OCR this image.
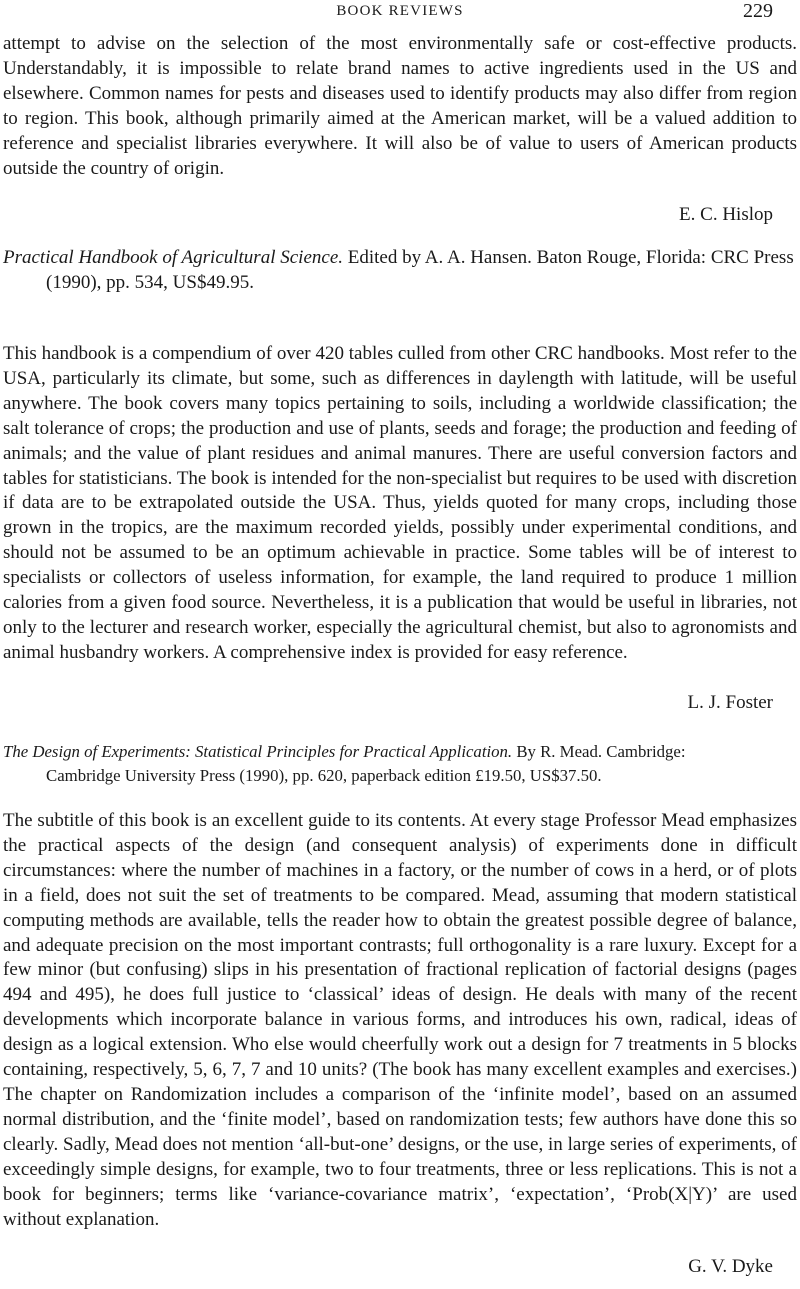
BOOK REVIEWS	229

attempt to advise on the selection of the most environmentally safe or cost-effective products. Understandably, it is impossible to relate brand names to active ingredients used in the US and elsewhere. Common names for pests and diseases used to identify products may also differ from region to region. This book, although primarily aimed at the American market, will be a valued addition to reference and specialist libraries everywhere. It will also be of value to users of American products outside the country of origin.

E. C. Hislop
Practical Handbook of Agricultural Science. Edited by A. A. Hansen. Baton Rouge, Florida: CRC Press
(1990), pp. 534, US$49.95.

This handbook is a compendium of over 420 tables culled from other CRC handbooks. Most refer to the USA, particularly its climate, but some, such as differences in daylength with latitude, will be useful anywhere. The book covers many topics pertaining to soils, including a worldwide classification; the salt tolerance of crops; the production and use of plants, seeds and forage; the production and feeding of animals; and the value of plant residues and animal manures. There are useful conversion factors and tables for statisticians. The book is intended for the non-specialist but requires to be used with discretion if data are to be extrapolated outside the USA. Thus, yields quoted for many crops, including those grown in the tropics, are the maximum recorded yields, possibly under experimental conditions, and should not be assumed to be an optimum achievable in practice. Some tables will be of interest to specialists or collectors of useless information, for example, the land required to produce 1 million calories from a given food source. Nevertheless, it is a publication that would be useful in libraries, not only to the lecturer and research worker, especially the agricultural chemist, but also to agronomists and animal husbandry workers. A comprehensive index is provided for easy reference.

L. J. Foster
The Design of Experiments: Statistical Principles for Practical Application. By R. Mead. Cambridge:
Cambridge University Press (1990), pp. 620, paperback edition £19.50, US$37.50.

The subtitle of this book is an excellent guide to its contents. At every stage Professor Mead emphasizes the practical aspects of the design (and consequent analysis) of experiments done in difficult circumstances: where the number of machines in a factory, or the number of cows in a herd, or of plots in a field, does not suit the set of treatments to be compared. Mead, assuming that modern statistical computing methods are available, tells the reader how to obtain the greatest possible degree of balance, and adequate precision on the most important contrasts; full orthogonality is a rare luxury. Except for a few minor (but confusing) slips in his presentation of fractional replication of factorial designs (pages 494 and 495), he does full justice to ‘classical’ ideas of design. He deals with many of the recent developments which incorporate balance in various forms, and introduces his own, radical, ideas of design as a logical extension. Who else would cheerfully work out a design for 7 treatments in 5 blocks containing, respectively, 5, 6, 7, 7 and 10 units? (The book has many excellent examples and exercises.) The chapter on Randomization includes a comparison of the ‘infinite model’, based on an assumed normal distribution, and the ‘finite model’, based on randomization tests; few authors have done this so clearly. Sadly, Mead does not mention ‘all-but-one’ designs, or the use, in large series of experiments, of exceedingly simple designs, for example, two to four treatments, three or less replications. This is not a book for beginners; terms like ‘variance-covariance matrix’, ‘expectation’, ‘Prob(X|Y)’ are used without explanation.

G. V. Dyke
